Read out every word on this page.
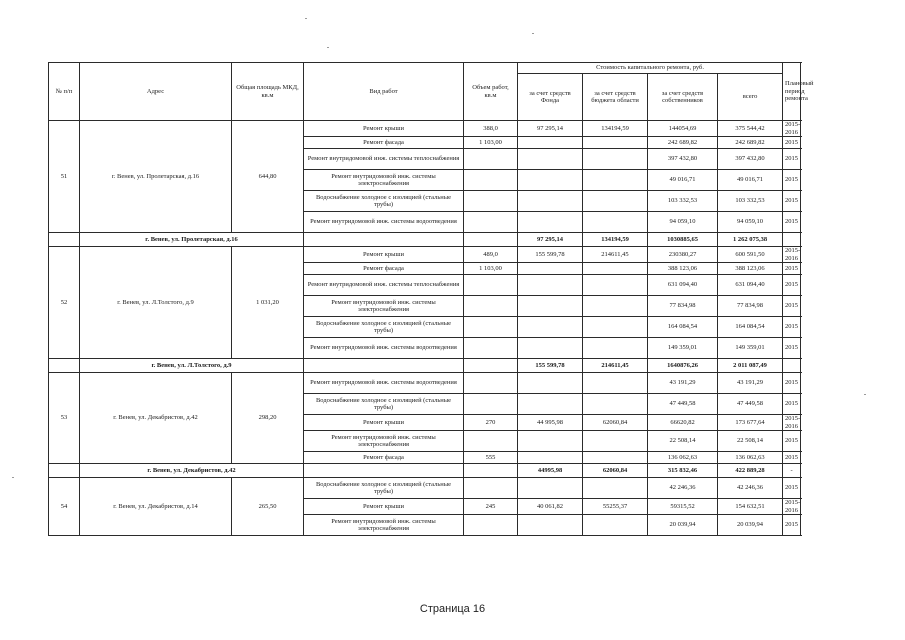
№ п/п	Адрес	Общая площадь МКД, кв.м	Вид работ	Объем работ, кв.м	Стоимость капитального ремонта, руб.				Плановый период ремонта
					за счет средств Фонда	за счет средств бюджета области	за счет средств собственников	всего	
51	г. Венев, ул. Пролетарская, д.16	644,80	Ремонт крыши	388,0	97 295,14	134194,59	144054,69	375 544,42	2015-2016
			Ремонт фасада	1 103,00			242 689,82	242 689,82	2015
			Ремонт внутридомовой инж. системы теплоснабжения				397 432,80	397 432,80	2015
			Ремонт внутридомовой инж. системы электроснабжения				49 016,71	49 016,71	2015
			Водоснабжение холодное с изоляцией (стальные трубы)				103 332,53	103 332,53	2015
			Ремонт внутридомовой инж. системы водоотведения				94 059,10	94 059,10	2015
	г. Венев, ул. Пролетарская, д.16				97 295,14	134194,59	1030885,65	1 262 075,38	
52	г. Венев, ул. Л.Толстого, д.9	1 031,20	Ремонт крыши	489,0	155 599,78	214611,45	230380,27	600 591,50	2015-2016
			Ремонт фасада	1 103,00			388 123,06	388 123,06	2015
			Ремонт внутридомовой инж. системы теплоснабжения				631 094,40	631 094,40	2015
			Ремонт внутридомовой инж. системы электроснабжения				77 834,98	77 834,98	2015
			Водоснабжение холодное с изоляцией (стальные трубы)				164 084,54	164 084,54	2015
			Ремонт внутридомовой инж. системы водоотведения				149 359,01	149 359,01	2015
	г. Венев, ул. Л.Толстого, д.9				155 599,78	214611,45	1640876,26	2 011 087,49	
53	г. Венев, ул. Декабристов, д.42	298,20	Ремонт внутридомовой инж. системы водоотведения				43 191,29	43 191,29	2015
			Водоснабжение холодное с изоляцией (стальные трубы)				47 449,58	47 449,58	2015
			Ремонт крыши	270	44 995,98	62060,84	66620,82	173 677,64	2015-2016
			Ремонт внутридомовой инж. системы электроснабжения				22 508,14	22 508,14	2015
			Ремонт фасада	555			136 062,63	136 062,63	2015
	г. Венев, ул. Декабристов, д.42				44995,98	62060,84	315 832,46	422 889,28	-
54	г. Венев, ул. Декабристов, д.14	265,50	Водоснабжение холодное с изоляцией (стальные трубы)				42 246,36	42 246,36	2015
			Ремонт крыши	245	40 061,82	55255,37	59315,52	154 632,51	2015-2016
			Ремонт внутридомовой инж. системы электроснабжения				20 039,94	20 039,94	2015
Страница 16
